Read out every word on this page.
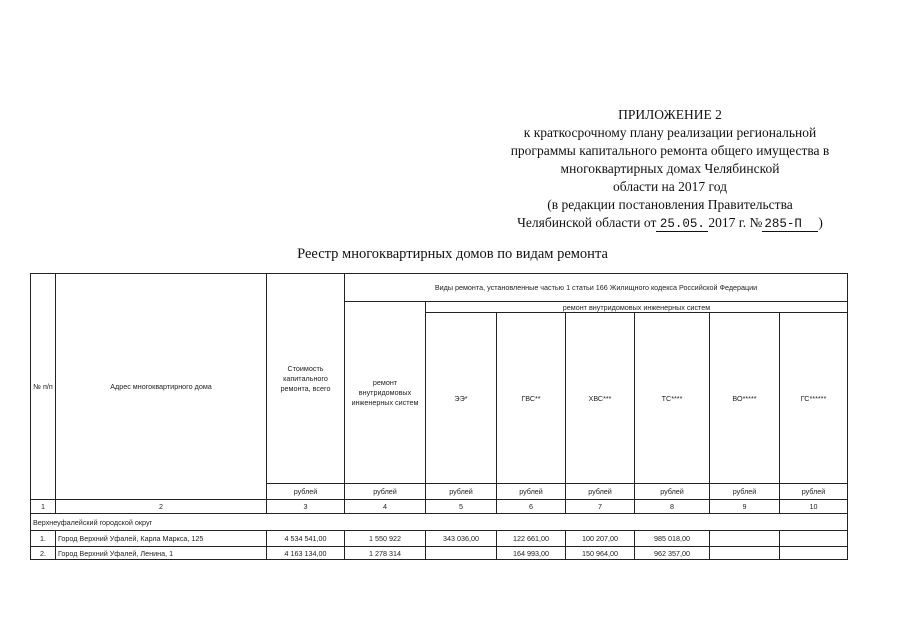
ПРИЛОЖЕНИЕ 2
к краткосрочному плану реализации региональной
программы капитального ремонта общего имущества в
многоквартирных домах Челябинской
области на 2017 год
(в редакции постановления Правительства
Челябинской области от 25.05. 2017 г. № 285-П )
Реестр многоквартирных домов по видам ремонта
№ п/п	Адрес многоквартирного дома	Стоимость капитального ремонта, всего	Виды ремонта, установленные частью 1 статьи 166 Жилищного кодекса Российской Федерации						
			ремонт внутридомовых инженерных систем	ремонт внутридомовых инженерных систем					
				ЭЭ*	ГВС**	ХВС***	ТС****	ВО*****	ГС******
		рублей	рублей	рублей	рублей	рублей	рублей	рублей	рублей
1	2	3	4	5	6	7	8	9	10
Верхнеуфалейский городской округ									
1.	Город Верхний Уфалей, Карла Маркса, 125	4 534 541,00	1 550 922	343 036,00	122 661,00	100 207,00	985 018,00		
2.	Город Верхний Уфалей, Ленина, 1	4 163 134,00	1 278 314		164 993,00	150 964,00	962 357,00		
